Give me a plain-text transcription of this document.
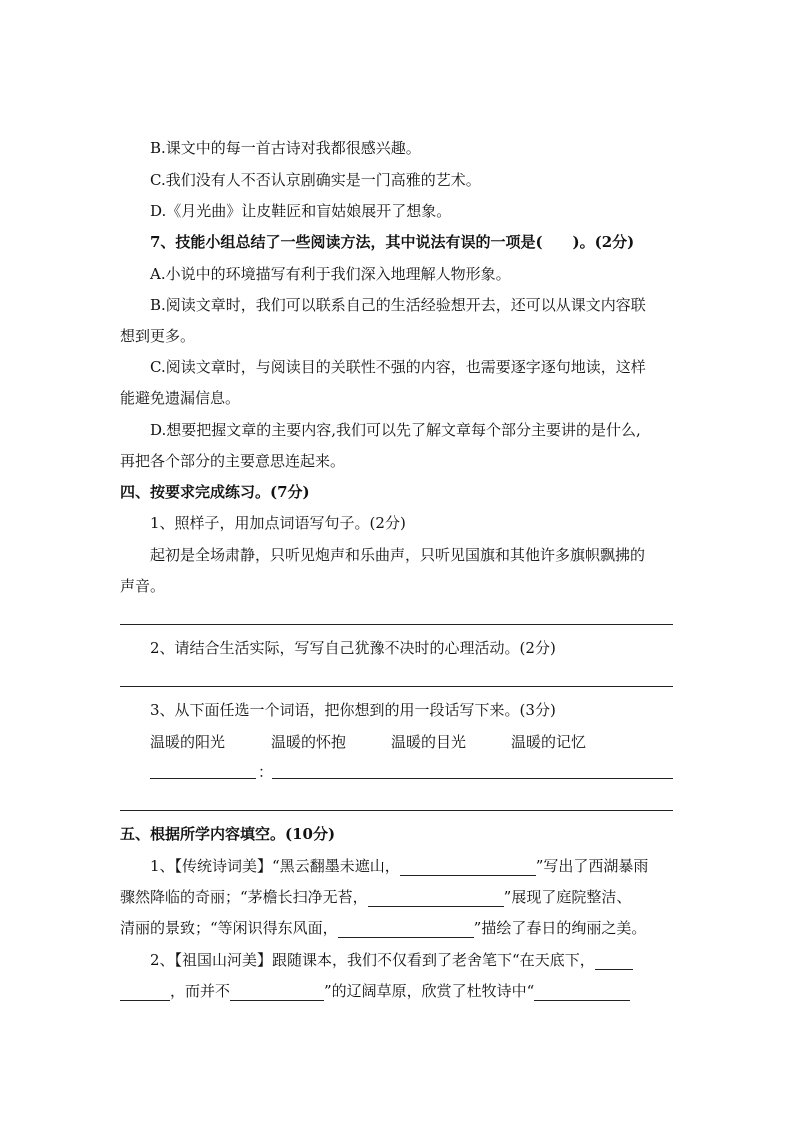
B.课文中的每一首古诗对我都很感兴趣。
C.我们没有人不否认京剧确实是一门高雅的艺术。
D.《月光曲》让皮鞋匠和盲姑娘展开了想象。
7、技能小组总结了一些阅读方法，其中说法有误的一项是(　　)。(2分)
A.小说中的环境描写有利于我们深入地理解人物形象。
B.阅读文章时，我们可以联系自己的生活经验想开去，还可以从课文内容联
想到更多。
C.阅读文章时，与阅读目的关联性不强的内容，也需要逐字逐句地读，这样
能避免遗漏信息。
D.想要把握文章的主要内容,我们可以先了解文章每个部分主要讲的是什么,
再把各个部分的主要意思连起来。
四、按要求完成练习。(7分)
1、照样子，用加点词语写句子。(2分)
起初是全场肃静，只听见炮声和乐曲声，只听见国旗和其他许多旗帜飘拂的
声音。
2、请结合生活实际，写写自己犹豫不决时的心理活动。(2分)
3、从下面任选一个词语，把你想到的用一段话写下来。(3分)
温暖的阳光	温暖的怀抱	温暖的目光	温暖的记忆
：
五、根据所学内容填空。(10分)
1、【传统诗词美】“黑云翻墨未遮山，	”写出了西湖暴雨
骤然降临的奇丽；“茅檐长扫净无苔，	”展现了庭院整洁、
清丽的景致；“等闲识得东风面，	”描绘了春日的绚丽之美。
2、【祖国山河美】跟随课本，我们不仅看到了老舍笔下“在天底下，
，而并不	”的辽阔草原，欣赏了杜牧诗中“
